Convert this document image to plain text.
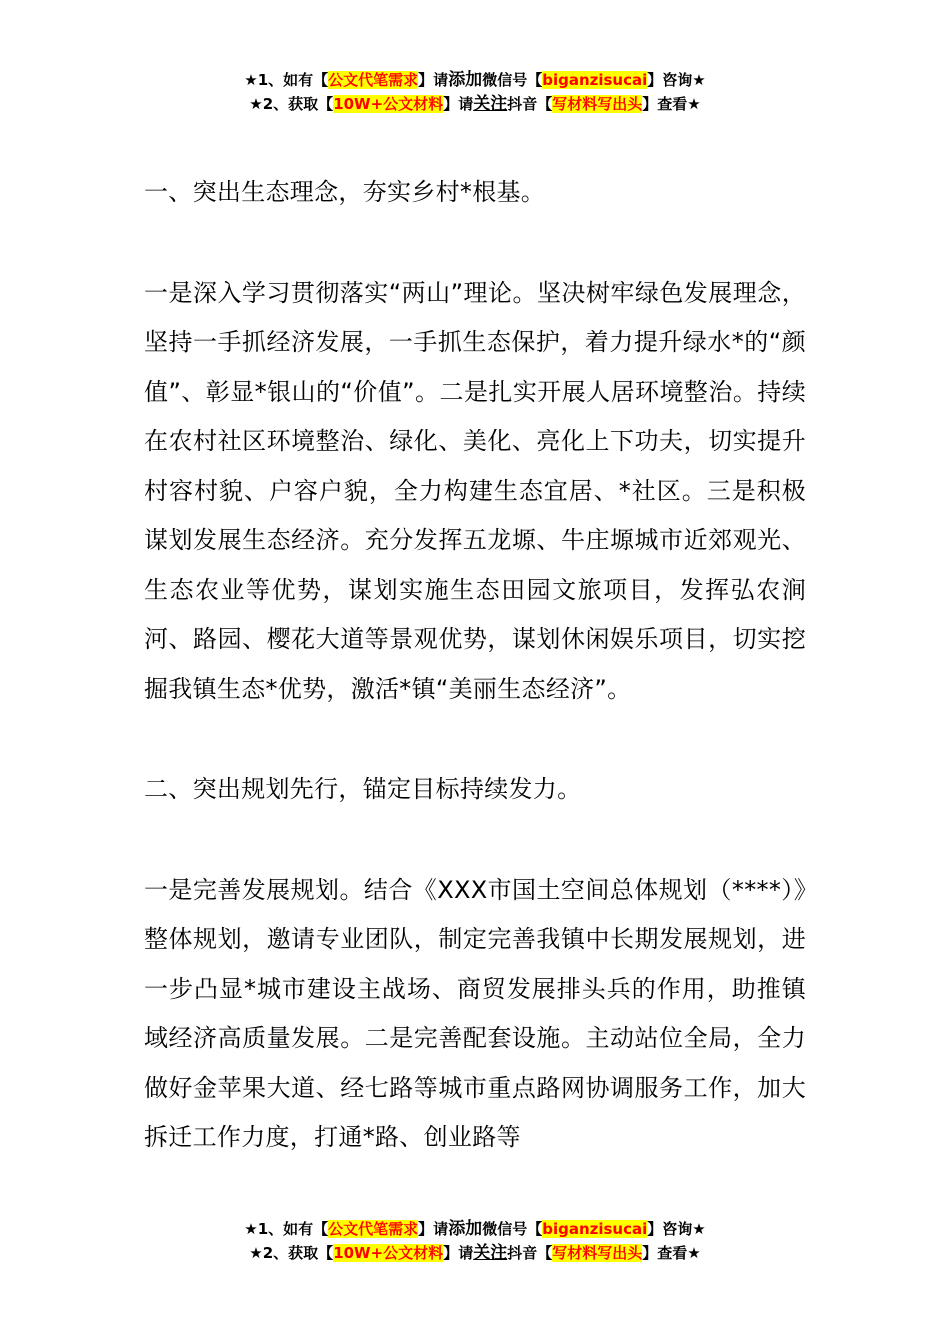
★1、如有【公文代笔需求】请添加微信号【biganzisucai】咨询★
★2、获取【10W+公文材料】请关注抖音【写材料写出头】查看★

一、突出生态理念，夯实乡村*根基。

一是深入学习贯彻落实“两山”理论。坚决树牢绿色发展理念，坚持一手抓经济发展，一手抓生态保护，着力提升绿水*的“颜值”、彰显*银山的“价值”。二是扎实开展人居环境整治。持续在农村社区环境整治、绿化、美化、亮化上下功夫，切实提升村容村貌、户容户貌，全力构建生态宜居、*社区。三是积极谋划发展生态经济。充分发挥五龙塬、牛庄塬城市近郊观光、生态农业等优势，谋划实施生态田园文旅项目，发挥弘农涧河、路园、樱花大道等景观优势，谋划休闲娱乐项目，切实挖掘我镇生态*优势，激活*镇“美丽生态经济”。

二、突出规划先行，锚定目标持续发力。

一是完善发展规划。结合《XXX市国土空间总体规划（****）》整体规划，邀请专业团队，制定完善我镇中长期发展规划，进一步凸显*城市建设主战场、商贸发展排头兵的作用，助推镇域经济高质量发展。二是完善配套设施。主动站位全局，全力做好金苹果大道、经七路等城市重点路网协调服务工作，加大拆迁工作力度，打通*路、创业路等

★1、如有【公文代笔需求】请添加微信号【biganzisucai】咨询★
★2、获取【10W+公文材料】请关注抖音【写材料写出头】查看★
